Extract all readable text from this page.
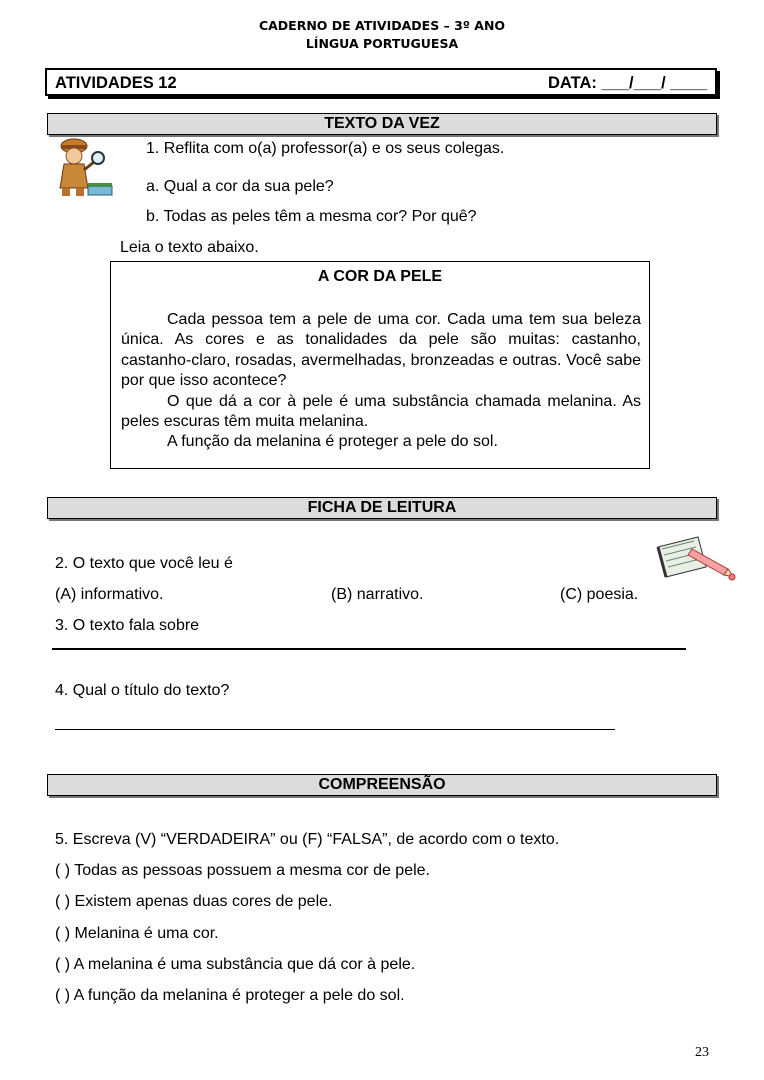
CADERNO DE ATIVIDADES – 3º ANO
LÍNGUA PORTUGUESA
ATIVIDADES 12	DATA: ___/___/ ____
TEXTO DA VEZ
1. Reflita com o(a) professor(a) e os seus colegas.
a. Qual a cor da sua pele?
b. Todas as peles têm a mesma cor? Por quê?
Leia o texto abaixo.
A COR DA PELE

Cada pessoa tem a pele de uma cor. Cada uma tem sua beleza única. As cores e as tonalidades da pele são muitas: castanho, castanho-claro, rosadas, avermelhadas, bronzeadas e outras. Você sabe por que isso acontece?

O que dá a cor à pele é uma substância chamada melanina. As peles escuras têm muita melanina.

A função da melanina é proteger a pele do sol.

FICHA DE LEITURA
2. O texto que você leu é
(A) informativo.	(B) narrativo.	(C) poesia.
3. O texto fala sobre
4. Qual o título do texto?
COMPREENSÃO
5. Escreva (V) “VERDADEIRA” ou (F) “FALSA”, de acordo com o texto.
( ) Todas as pessoas possuem a mesma cor de pele.
( ) Existem apenas duas cores de pele.
( ) Melanina é uma cor.
( ) A melanina é uma substância que dá cor à pele.
( ) A função da melanina é proteger a pele do sol.
23
